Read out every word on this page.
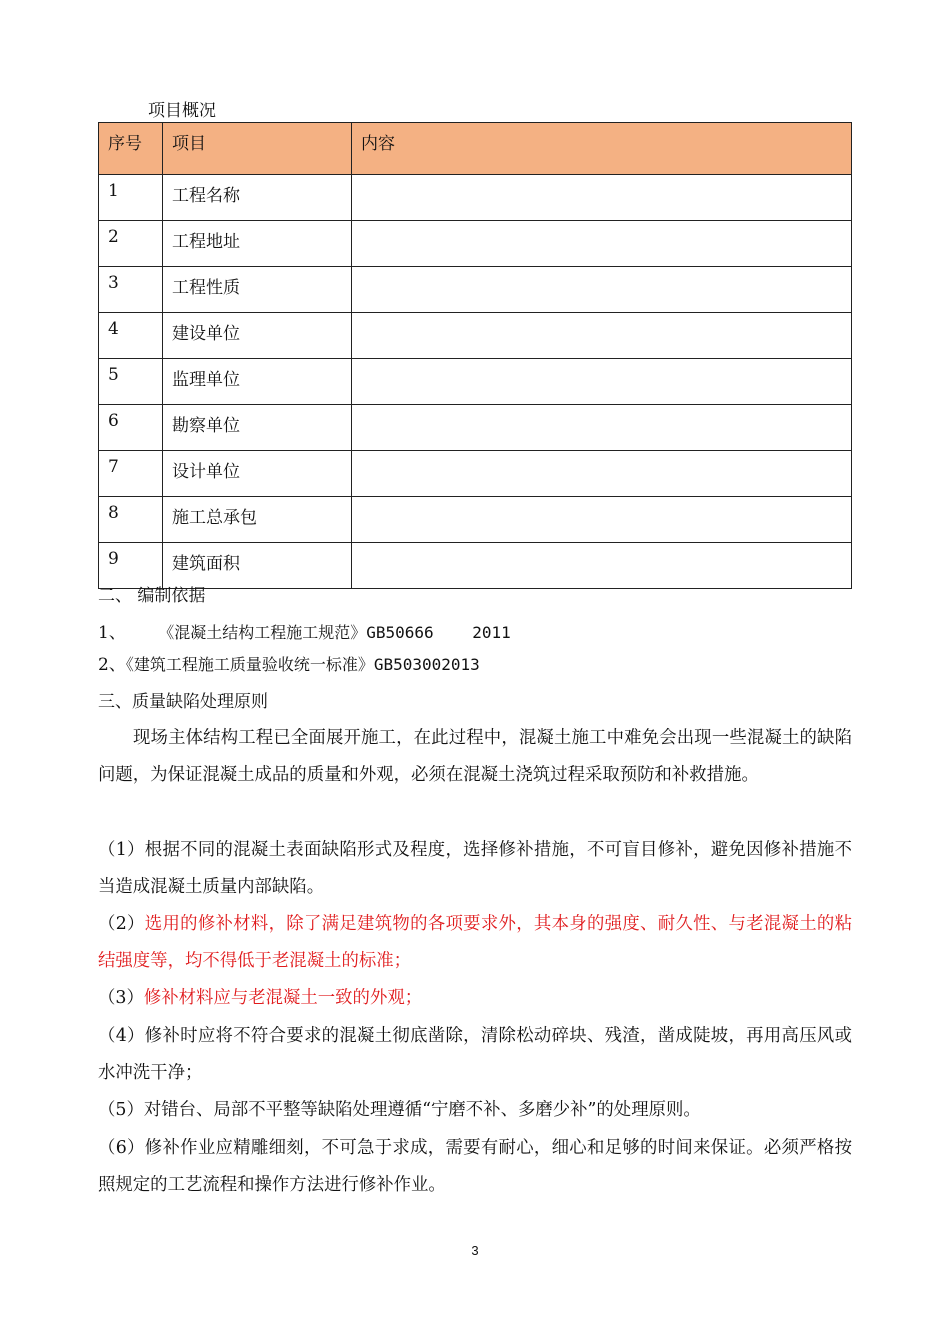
项目概况
序号	项目	内容
1	工程名称	
2	工程地址	
3	工程性质	
4	建设单位	
5	监理单位	
6	勘察单位	
7	设计单位	
8	施工总承包	
9	建筑面积	
二、 编制依据
1、      《混凝土结构工程施工规范》GB50666    2011
2、《建筑工程施工质量验收统一标准》GB503002013
三、质量缺陷处理原则
现场主体结构工程已全面展开施工，在此过程中，混凝土施工中难免会出现一些混凝土的缺陷问题，为保证混凝土成品的质量和外观，必须在混凝土浇筑过程采取预防和补救措施。
（1）根据不同的混凝土表面缺陷形式及程度，选择修补措施，不可盲目修补，避免因修补措施不当造成混凝土质量内部缺陷。
（2）选用的修补材料，除了满足建筑物的各项要求外，其本身的强度、耐久性、与老混凝土的粘结强度等，均不得低于老混凝土的标准；
（3）修补材料应与老混凝土一致的外观；
（4）修补时应将不符合要求的混凝土彻底凿除，清除松动碎块、残渣，凿成陡坡，再用高压风或水冲洗干净；
（5）对错台、局部不平整等缺陷处理遵循“宁磨不补、多磨少补”的处理原则。
（6）修补作业应精雕细刻，不可急于求成，需要有耐心，细心和足够的时间来保证。必须严格按照规定的工艺流程和操作方法进行修补作业。
3
